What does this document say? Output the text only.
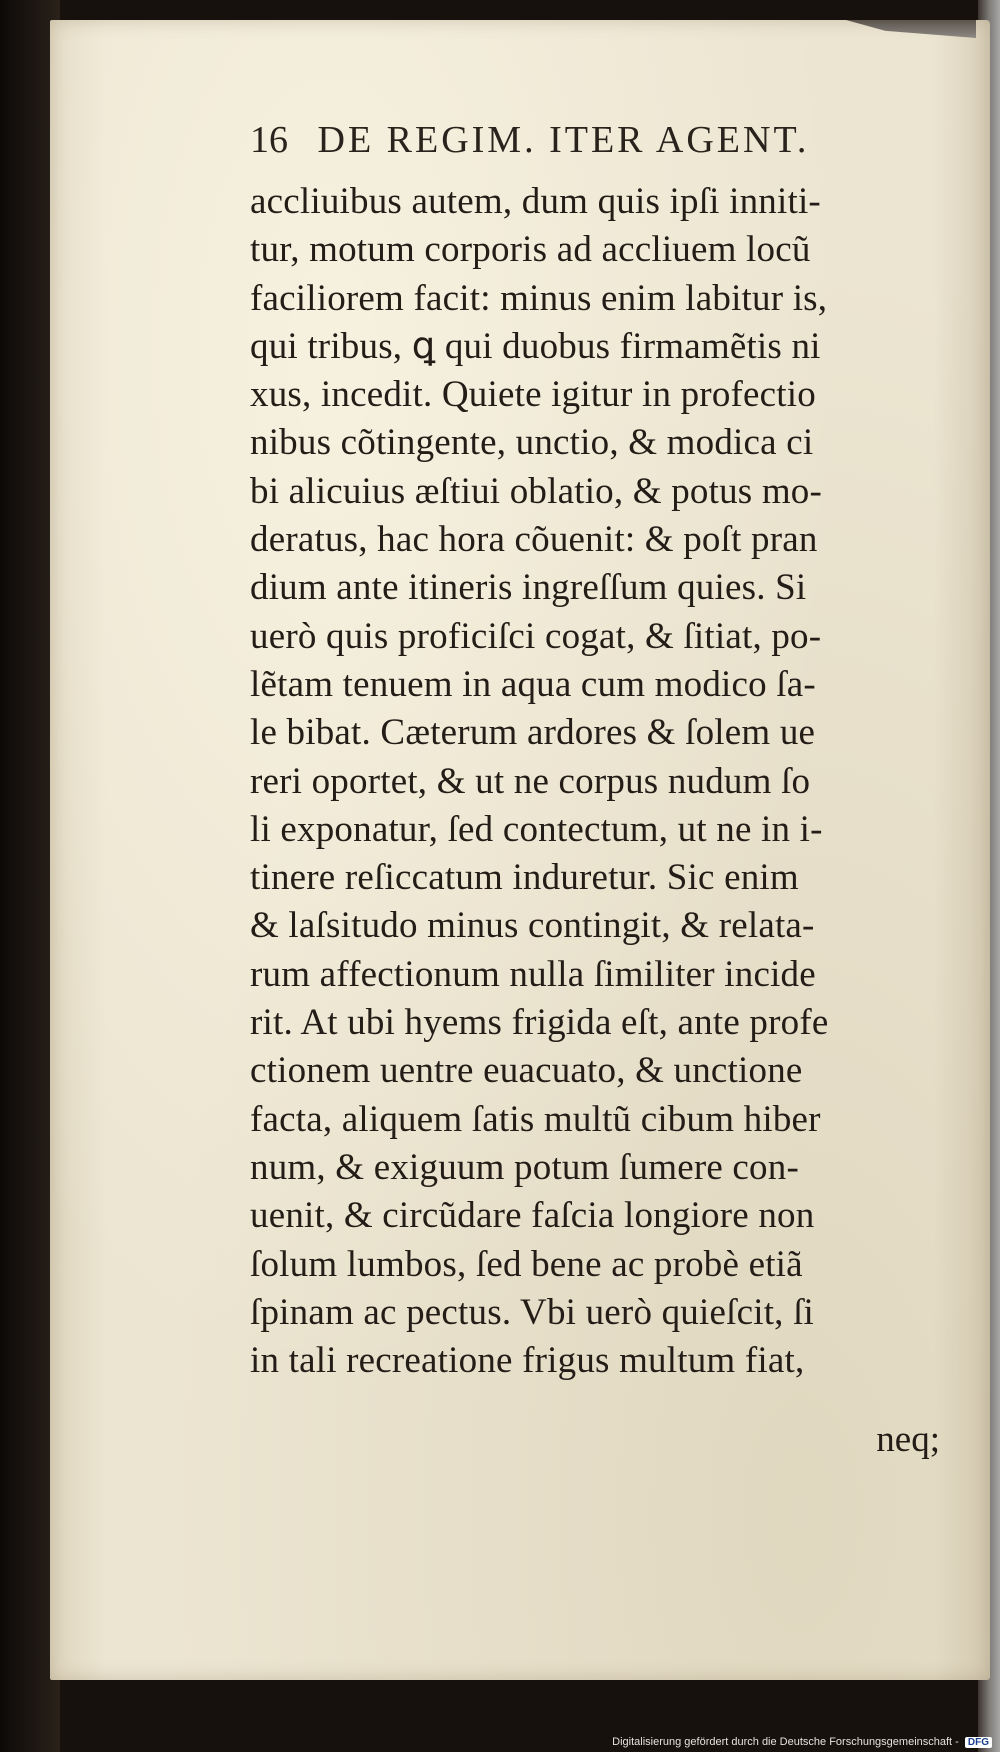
16 DE REGIM. ITER AGENT.
accliuibus autem, dum quis ipſi inniti-
tur, motum corporis ad accliuem locũ
faciliorem facit: minus enim labitur is,
qui tribus, ꝗ qui duobus firmamẽtis ni
xus, incedit. Quiete igitur in profectio
nibus cõtingente, unctio, & modica ci
bi alicuius æſtiui oblatio, & potus mo-
deratus, hac hora cõuenit: & poſt pran
dium ante itineris ingreſſum quies. Si
uerò quis proficiſci cogat, & ſitiat, po-
lẽtam tenuem in aqua cum modico ſa-
le bibat. Cæterum ardores & ſolem ue
reri oportet, & ut ne corpus nudum ſo
li exponatur, ſed contectum, ut ne in i-
tinere reſiccatum induretur. Sic enim
& laſsitudo minus contingit, & relata-
rum affectionum nulla ſimiliter incide
rit. At ubi hyems frigida eſt, ante profe
ctionem uentre euacuato, & unctione
facta, aliquem ſatis multũ cibum hiber
num, & exiguum potum ſumere con-
uenit, & circũdare faſcia longiore non
ſolum lumbos, ſed bene ac probè etiã
ſpinam ac pectus. Vbi uerò quieſcit, ſi
in tali recreatione frigus multum fiat,
neq;
Digitalisierung gefördert durch die Deutsche Forschungsgemeinschaft - DFG
